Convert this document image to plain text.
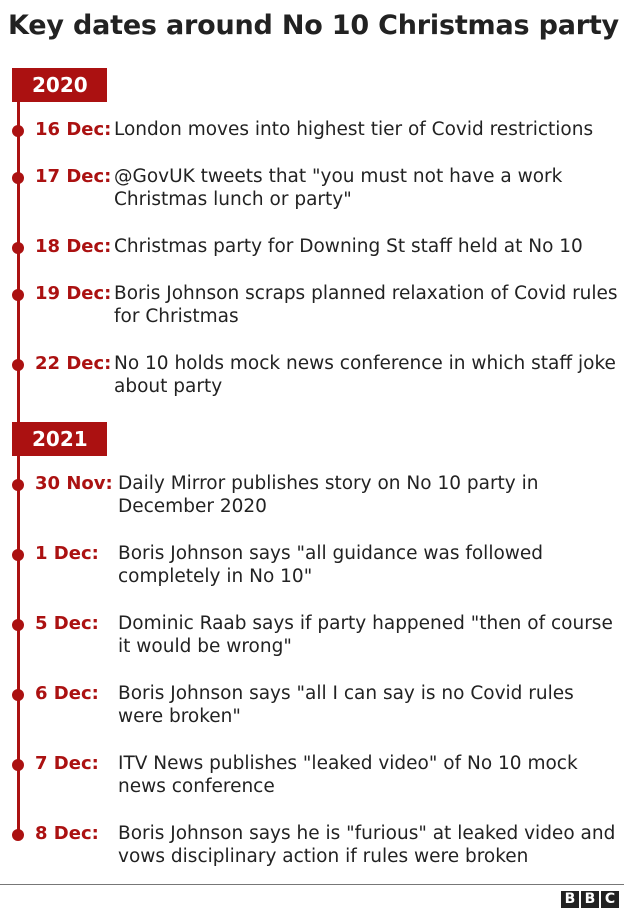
Key dates around No 10 Christmas party
2020
16 Dec: London moves into highest tier of Covid restrictions
17 Dec: @GovUK tweets that "you must not have a work Christmas lunch or party"
18 Dec: Christmas party for Downing St staff held at No 10
19 Dec: Boris Johnson scraps planned relaxation of Covid rules for Christmas
22 Dec: No 10 holds mock news conference in which staff joke about party
2021
30 Nov: Daily Mirror publishes story on No 10 party in December 2020
1 Dec: Boris Johnson says "all guidance was followed completely in No 10"
5 Dec: Dominic Raab says if party happened "then of course it would be wrong"
6 Dec: Boris Johnson says "all I can say is no Covid rules were broken"
7 Dec: ITV News publishes "leaked video" of No 10 mock news conference
8 Dec: Boris Johnson says he is "furious" at leaked video and vows disciplinary action if rules were broken
B B C
